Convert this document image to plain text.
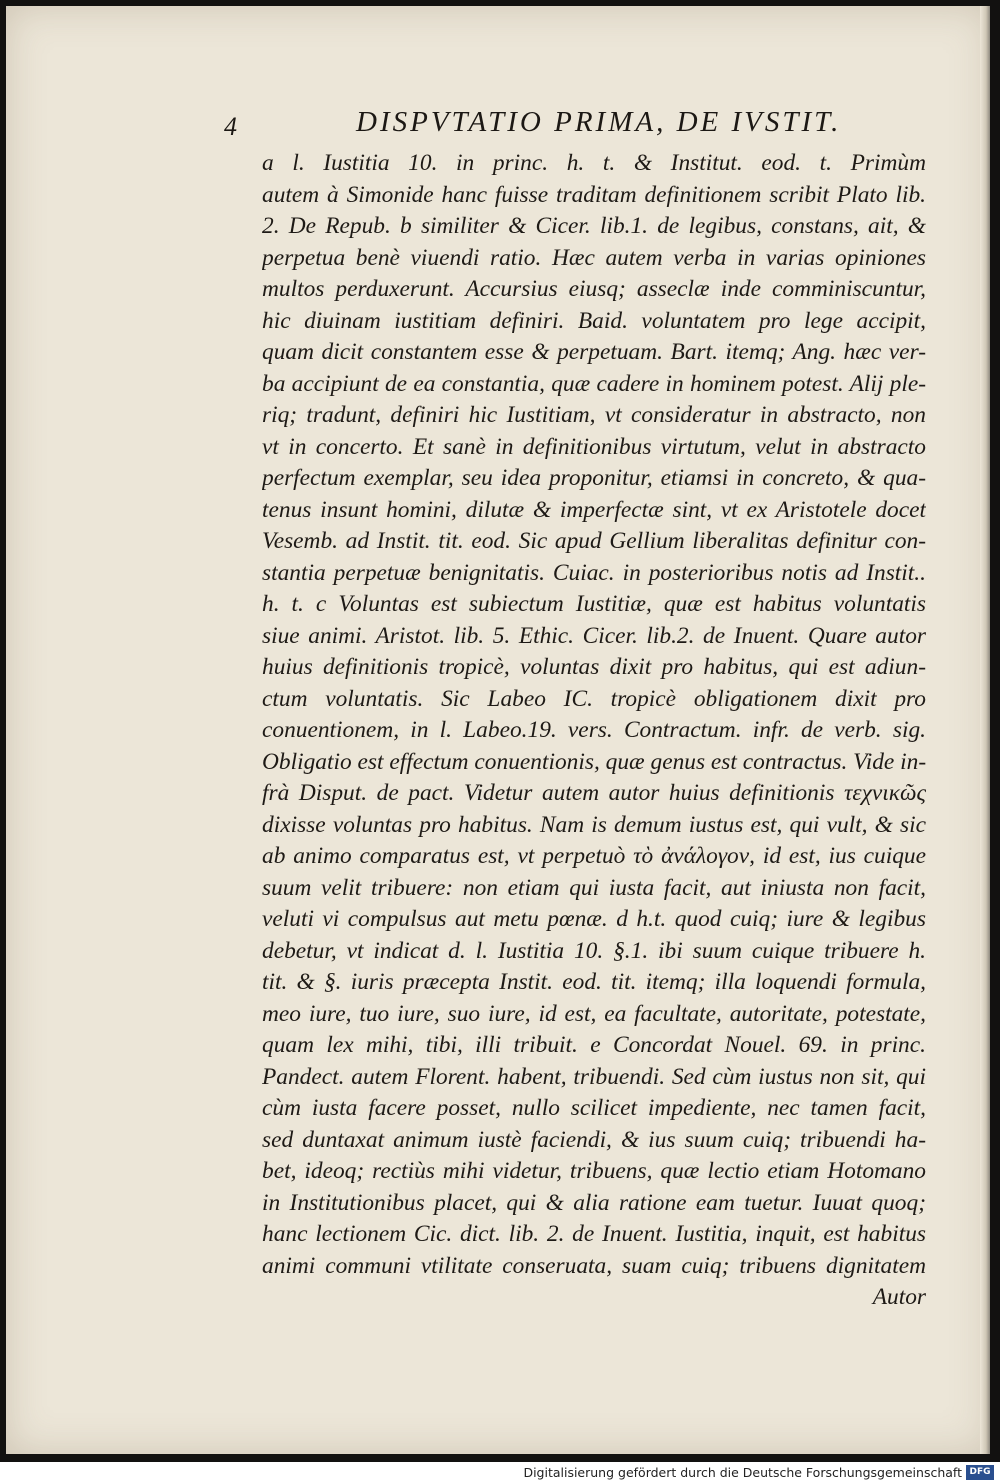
4	DISPVTATIO PRIMA, DE IVSTIT.
a l. Iustitia 10. in princ. h. t. & Institut. eod. t. Primùm
autem à Simonide hanc fuisse traditam definitionem scribit Plato lib.
2. De Repub. b similiter & Cicer. lib.1. de legibus, constans, ait, &
perpetua benè viuendi ratio. Hæc autem verba in varias opiniones
multos perduxerunt. Accursius eiusq; asseclæ inde comminiscuntur,
hic diuinam iustitiam definiri. Baid. voluntatem pro lege accipit,
quam dicit constantem esse & perpetuam. Bart. itemq; Ang. hæc ver-
ba accipiunt de ea constantia, quæ cadere in hominem potest. Alij ple-
riq; tradunt, definiri hic Iustitiam, vt consideratur in abstracto, non
vt in concerto. Et sanè in definitionibus virtutum, velut in abstracto
perfectum exemplar, seu idea proponitur, etiamsi in concreto, & qua-
tenus insunt homini, dilutæ & imperfectæ sint, vt ex Aristotele docet
Vesemb. ad Instit. tit. eod. Sic apud Gellium liberalitas definitur con-
stantia perpetuæ benignitatis. Cuiac. in posterioribus notis ad Instit..
h. t. c Voluntas est subiectum Iustitiæ, quæ est habitus voluntatis
siue animi. Aristot. lib. 5. Ethic. Cicer. lib.2. de Inuent. Quare autor
huius definitionis tropicè, voluntas dixit pro habitus, qui est adiun-
ctum voluntatis. Sic Labeo IC. tropicè obligationem dixit pro
conuentionem, in l. Labeo.19. vers. Contractum. infr. de verb. sig.
Obligatio est effectum conuentionis, quæ genus est contractus. Vide in-
frà Disput. de pact. Videtur autem autor huius definitionis τεχνικῶς
dixisse voluntas pro habitus. Nam is demum iustus est, qui vult, & sic
ab animo comparatus est, vt perpetuò τὸ ἀνάλογον, id est, ius cuique
suum velit tribuere: non etiam qui iusta facit, aut iniusta non facit,
veluti vi compulsus aut metu pœnæ. d h.t. quod cuiq; iure & legibus
debetur, vt indicat d. l. Iustitia 10. §.1. ibi suum cuique tribuere h.
tit. & §. iuris præcepta Instit. eod. tit. itemq; illa loquendi formula,
meo iure, tuo iure, suo iure, id est, ea facultate, autoritate, potestate,
quam lex mihi, tibi, illi tribuit. e Concordat Nouel. 69. in princ.
Pandect. autem Florent. habent, tribuendi. Sed cùm iustus non sit, qui
cùm iusta facere posset, nullo scilicet impediente, nec tamen facit,
sed duntaxat animum iustè faciendi, & ius suum cuiq; tribuendi ha-
bet, ideoq; rectiùs mihi videtur, tribuens, quæ lectio etiam Hotomano
in Institutionibus placet, qui & alia ratione eam tuetur. Iuuat quoq;
hanc lectionem Cic. dict. lib. 2. de Inuent. Iustitia, inquit, est habitus
animi communi vtilitate conseruata, suam cuiq; tribuens dignitatem
Autor
Digitalisierung gefördert durch die Deutsche Forschungsgemeinschaft DFG
